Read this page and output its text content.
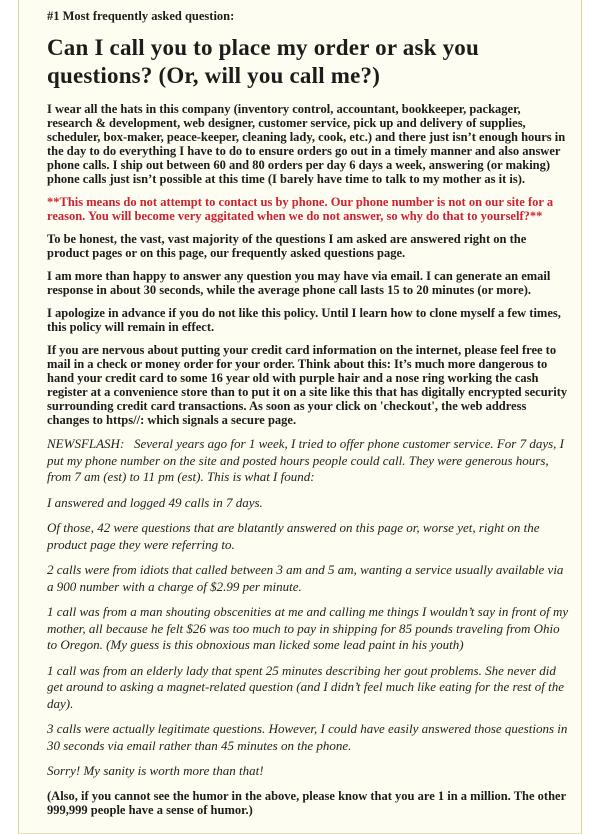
#1 Most frequently asked question:
Can I call you to place my order or ask you questions? (Or, will you call me?)

I wear all the hats in this company (inventory control, accountant, bookkeeper, packager, research & development, web designer, customer service, pick up and delivery of supplies, scheduler, box-maker, peace-keeper, cleaning lady, cook, etc.) and there just isn’t enough hours in the day to do everything I have to do to ensure orders go out in a timely manner and also answer phone calls. I ship out between 60 and 80 orders per day 6 days a week, answering (or making) phone calls just isn’t possible at this time (I barely have time to talk to my mother as it is).

**This means do not attempt to contact us by phone. Our phone number is not on our site for a reason. You will become very aggitated when we do not answer, so why do that to yourself?**

To be honest, the vast, vast majority of the questions I am asked are answered right on the product pages or on this page, our frequently asked questions page.

I am more than happy to answer any question you may have via email. I can generate an email response in about 30 seconds, while the average phone call lasts 15 to 20 minutes (or more).

I apologize in advance if you do not like this policy. Until I learn how to clone myself a few times, this policy will remain in effect.

If you are nervous about putting your credit card information on the internet, please feel free to mail in a check or money order for your order. Think about this: It’s much more dangerous to hand your credit card to some 16 year old with purple hair and a nose ring working the cash register at a convenience store than to put it on a site like this that has digitally encrypted security surrounding credit card transactions. As soon as your click on 'checkout', the web address changes to https//: which signals a secure page.

NEWSFLASH:   Several years ago for 1 week, I tried to offer phone customer service. For 7 days, I put my phone number on the site and posted hours people could call. They were generous hours, from 7 am (est) to 11 pm (est). This is what I found:

I answered and logged 49 calls in 7 days.

Of those, 42 were questions that are blatantly answered on this page or, worse yet, right on the product page they were referring to.

2 calls were from idiots that called between 3 am and 5 am, wanting a service usually available via a 900 number with a charge of $2.99 per minute.

1 call was from a man shouting obscenities at me and calling me things I wouldn’t say in front of my mother, all because he felt $26 was too much to pay in shipping for 85 pounds traveling from Ohio to Oregon. (My guess is this obnoxious man licked some lead paint in his youth)

1 call was from an elderly lady that spent 25 minutes describing her gout problems. She never did get around to asking a magnet-related question (and I didn’t feel much like eating for the rest of the day).

3 calls were actually legitimate questions. However, I could have easily answered those questions in 30 seconds via email rather than 45 minutes on the phone.

Sorry! My sanity is worth more than that!

(Also, if you cannot see the humor in the above, please know that you are 1 in a million. The other 999,999 people have a sense of humor.)
